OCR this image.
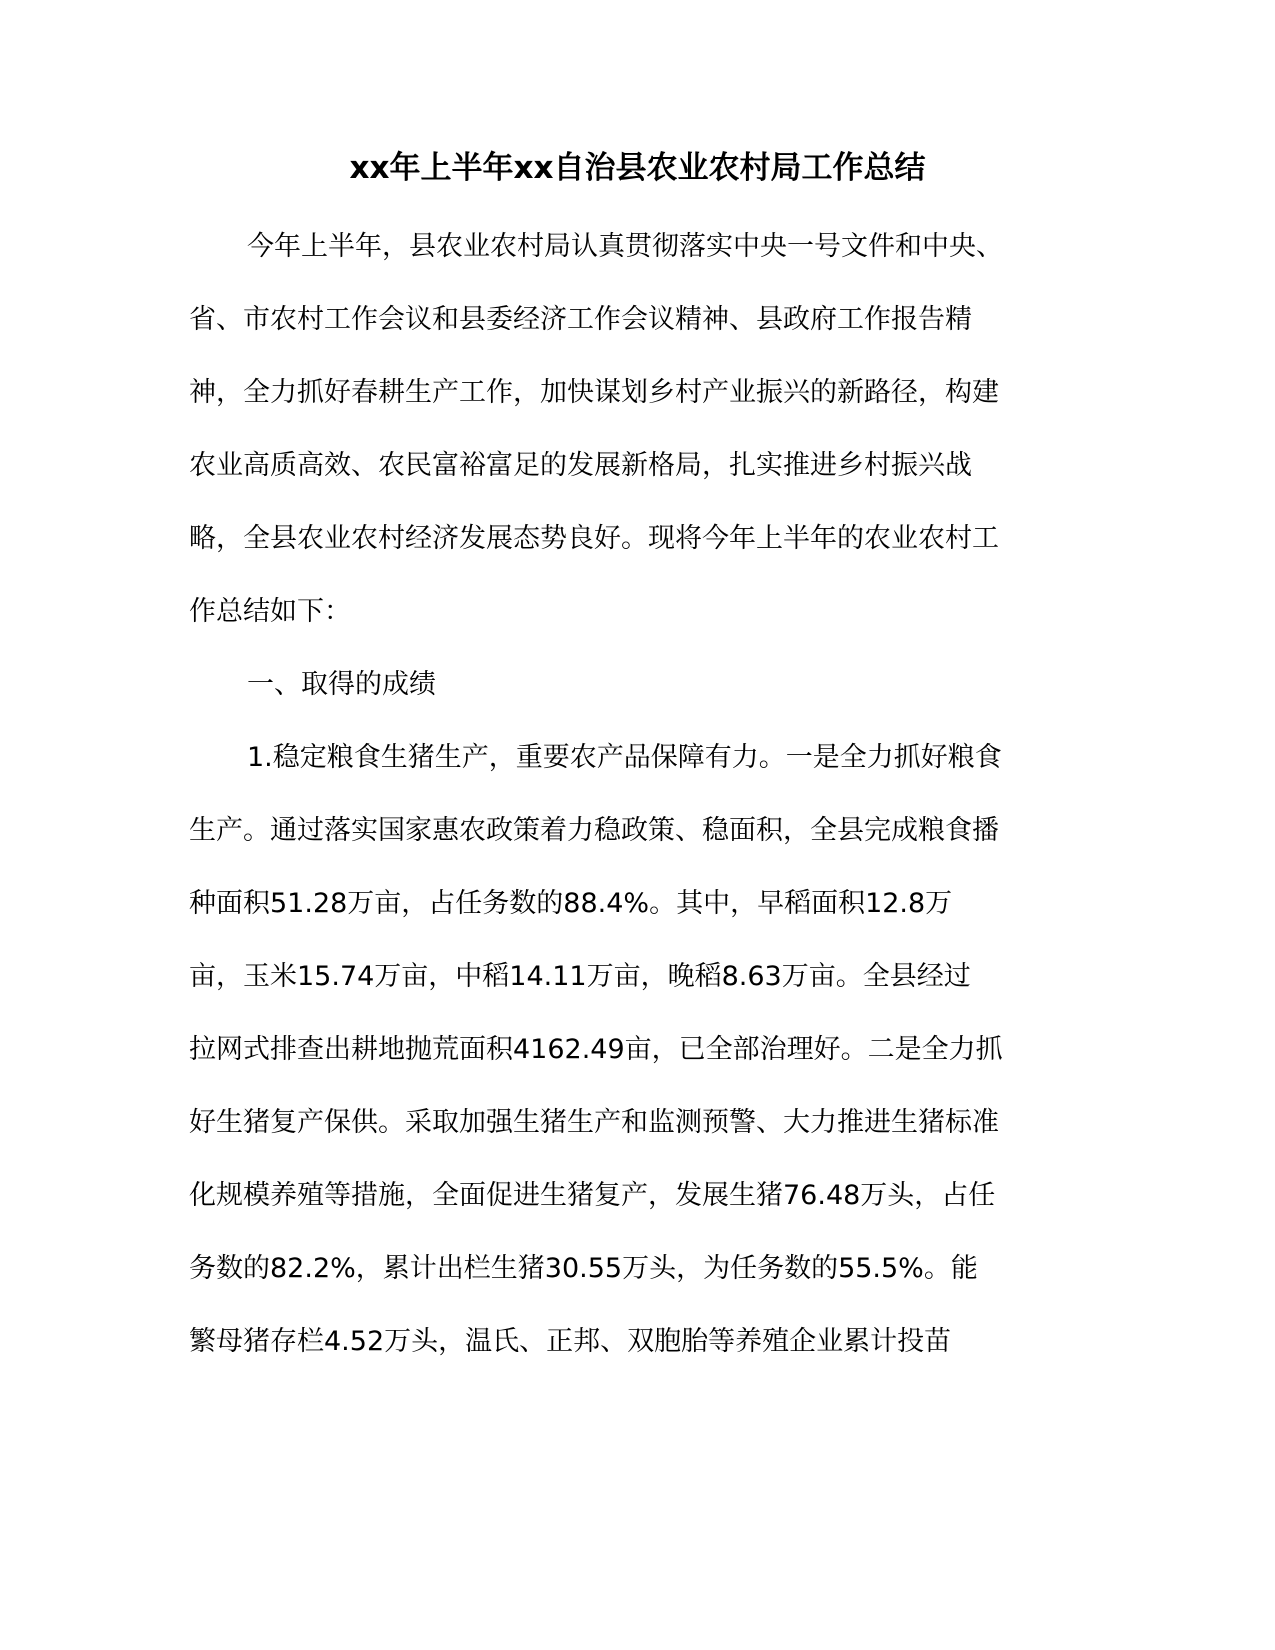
xx年上半年xx自治县农业农村局工作总结
今年上半年，县农业农村局认真贯彻落实中央一号文件和中央、
省、市农村工作会议和县委经济工作会议精神、县政府工作报告精
神，全力抓好春耕生产工作，加快谋划乡村产业振兴的新路径，构建
农业高质高效、农民富裕富足的发展新格局，扎实推进乡村振兴战
略，全县农业农村经济发展态势良好。现将今年上半年的农业农村工
作总结如下：
一、取得的成绩
1.稳定粮食生猪生产，重要农产品保障有力。一是全力抓好粮食
生产。通过落实国家惠农政策着力稳政策、稳面积，全县完成粮食播
种面积51.28万亩，占任务数的88.4%。其中，早稻面积12.8万
亩，玉米15.74万亩，中稻14.11万亩，晚稻8.63万亩。全县经过
拉网式排查出耕地抛荒面积4162.49亩，已全部治理好。二是全力抓
好生猪复产保供。采取加强生猪生产和监测预警、大力推进生猪标准
化规模养殖等措施，全面促进生猪复产，发展生猪76.48万头，占任
务数的82.2%，累计出栏生猪30.55万头，为任务数的55.5%。能
繁母猪存栏4.52万头，温氏、正邦、双胞胎等养殖企业累计投苗
